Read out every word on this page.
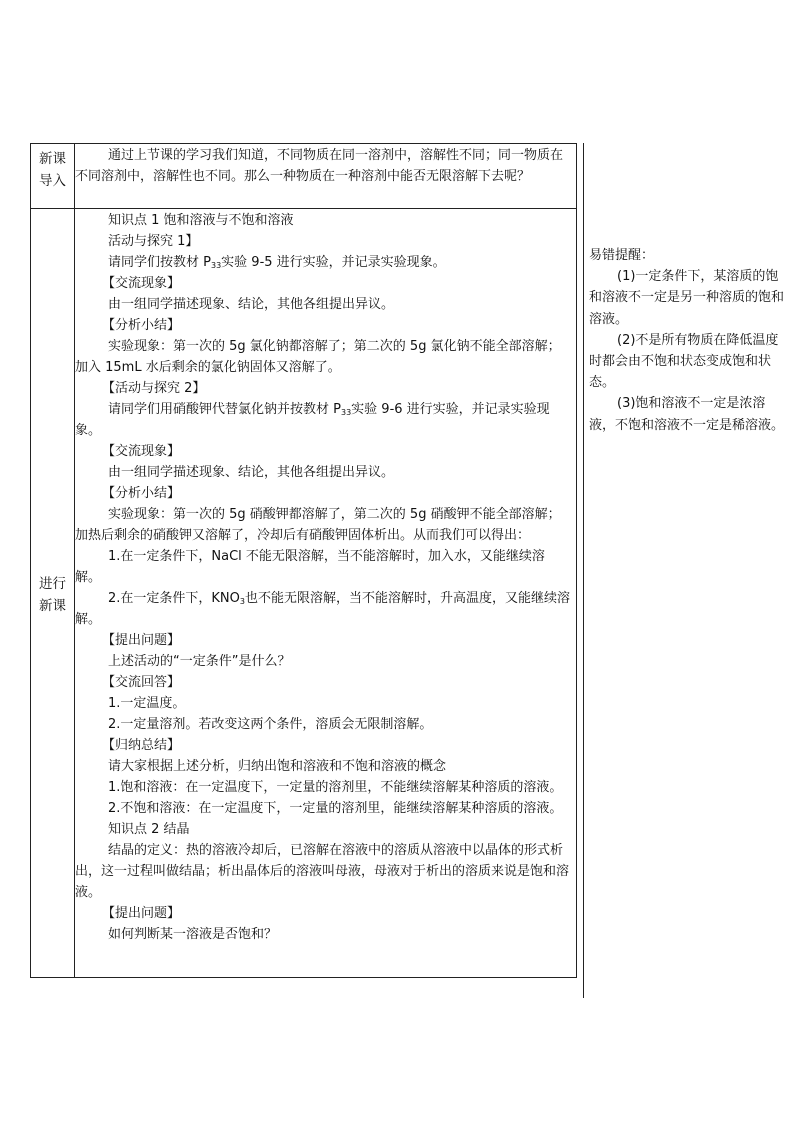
新课
导入

通过上节课的学习我们知道，不同物质在同一溶剂中，溶解性不同；同一物质在不同溶剂中，溶解性也不同。那么一种物质在一种溶剂中能否无限溶解下去呢？

进行
新课

知识点 1 饱和溶液与不饱和溶液

活动与探究 1】

请同学们按教材 $P_{33}$实验 9-5 进行实验，并记录实验现象。

【交流现象】

由一组同学描述现象、结论，其他各组提出异议。

【分析小结】

实验现象：第一次的 5g 氯化钠都溶解了；第二次的 5g 氯化钠不能全部溶解；加入 15mL 水后剩余的氯化钠固体又溶解了。

【活动与探究 2】

请同学们用硝酸钾代替氯化钠并按教材 $P_{33}$实验 9-6 进行实验，并记录实验现象。

【交流现象】

由一组同学描述现象、结论，其他各组提出异议。

【分析小结】

实验现象：第一次的 5g 硝酸钾都溶解了，第二次的 5g 硝酸钾不能全部溶解；加热后剩余的硝酸钾又溶解了，冷却后有硝酸钾固体析出。从而我们可以得出：

1.在一定条件下，NaCl 不能无限溶解，当不能溶解时，加入水，又能继续溶解。

2.在一定条件下，$KNO_3$也不能无限溶解，当不能溶解时，升高温度，又能继续溶解。

【提出问题】

上述活动的“一定条件”是什么？

【交流回答】

1.一定温度。

2.一定量溶剂。若改变这两个条件，溶质会无限制溶解。

【归纳总结】

请大家根据上述分析，归纳出饱和溶液和不饱和溶液的概念

1.饱和溶液：在一定温度下，一定量的溶剂里，不能继续溶解某种溶质的溶液。

2.不饱和溶液：在一定温度下，一定量的溶剂里，能继续溶解某种溶质的溶液。

知识点 2 结晶

结晶的定义：热的溶液冷却后，已溶解在溶液中的溶质从溶液中以晶体的形式析出，这一过程叫做结晶；析出晶体后的溶液叫母液，母液对于析出的溶质来说是饱和溶液。

【提出问题】

如何判断某一溶液是否饱和？

易错提醒：

(1)一定条件下，某溶质的饱和溶液不一定是另一种溶质的饱和溶液。

(2)不是所有物质在降低温度时都会由不饱和状态变成饱和状态。

(3)饱和溶液不一定是浓溶液，不饱和溶液不一定是稀溶液。
